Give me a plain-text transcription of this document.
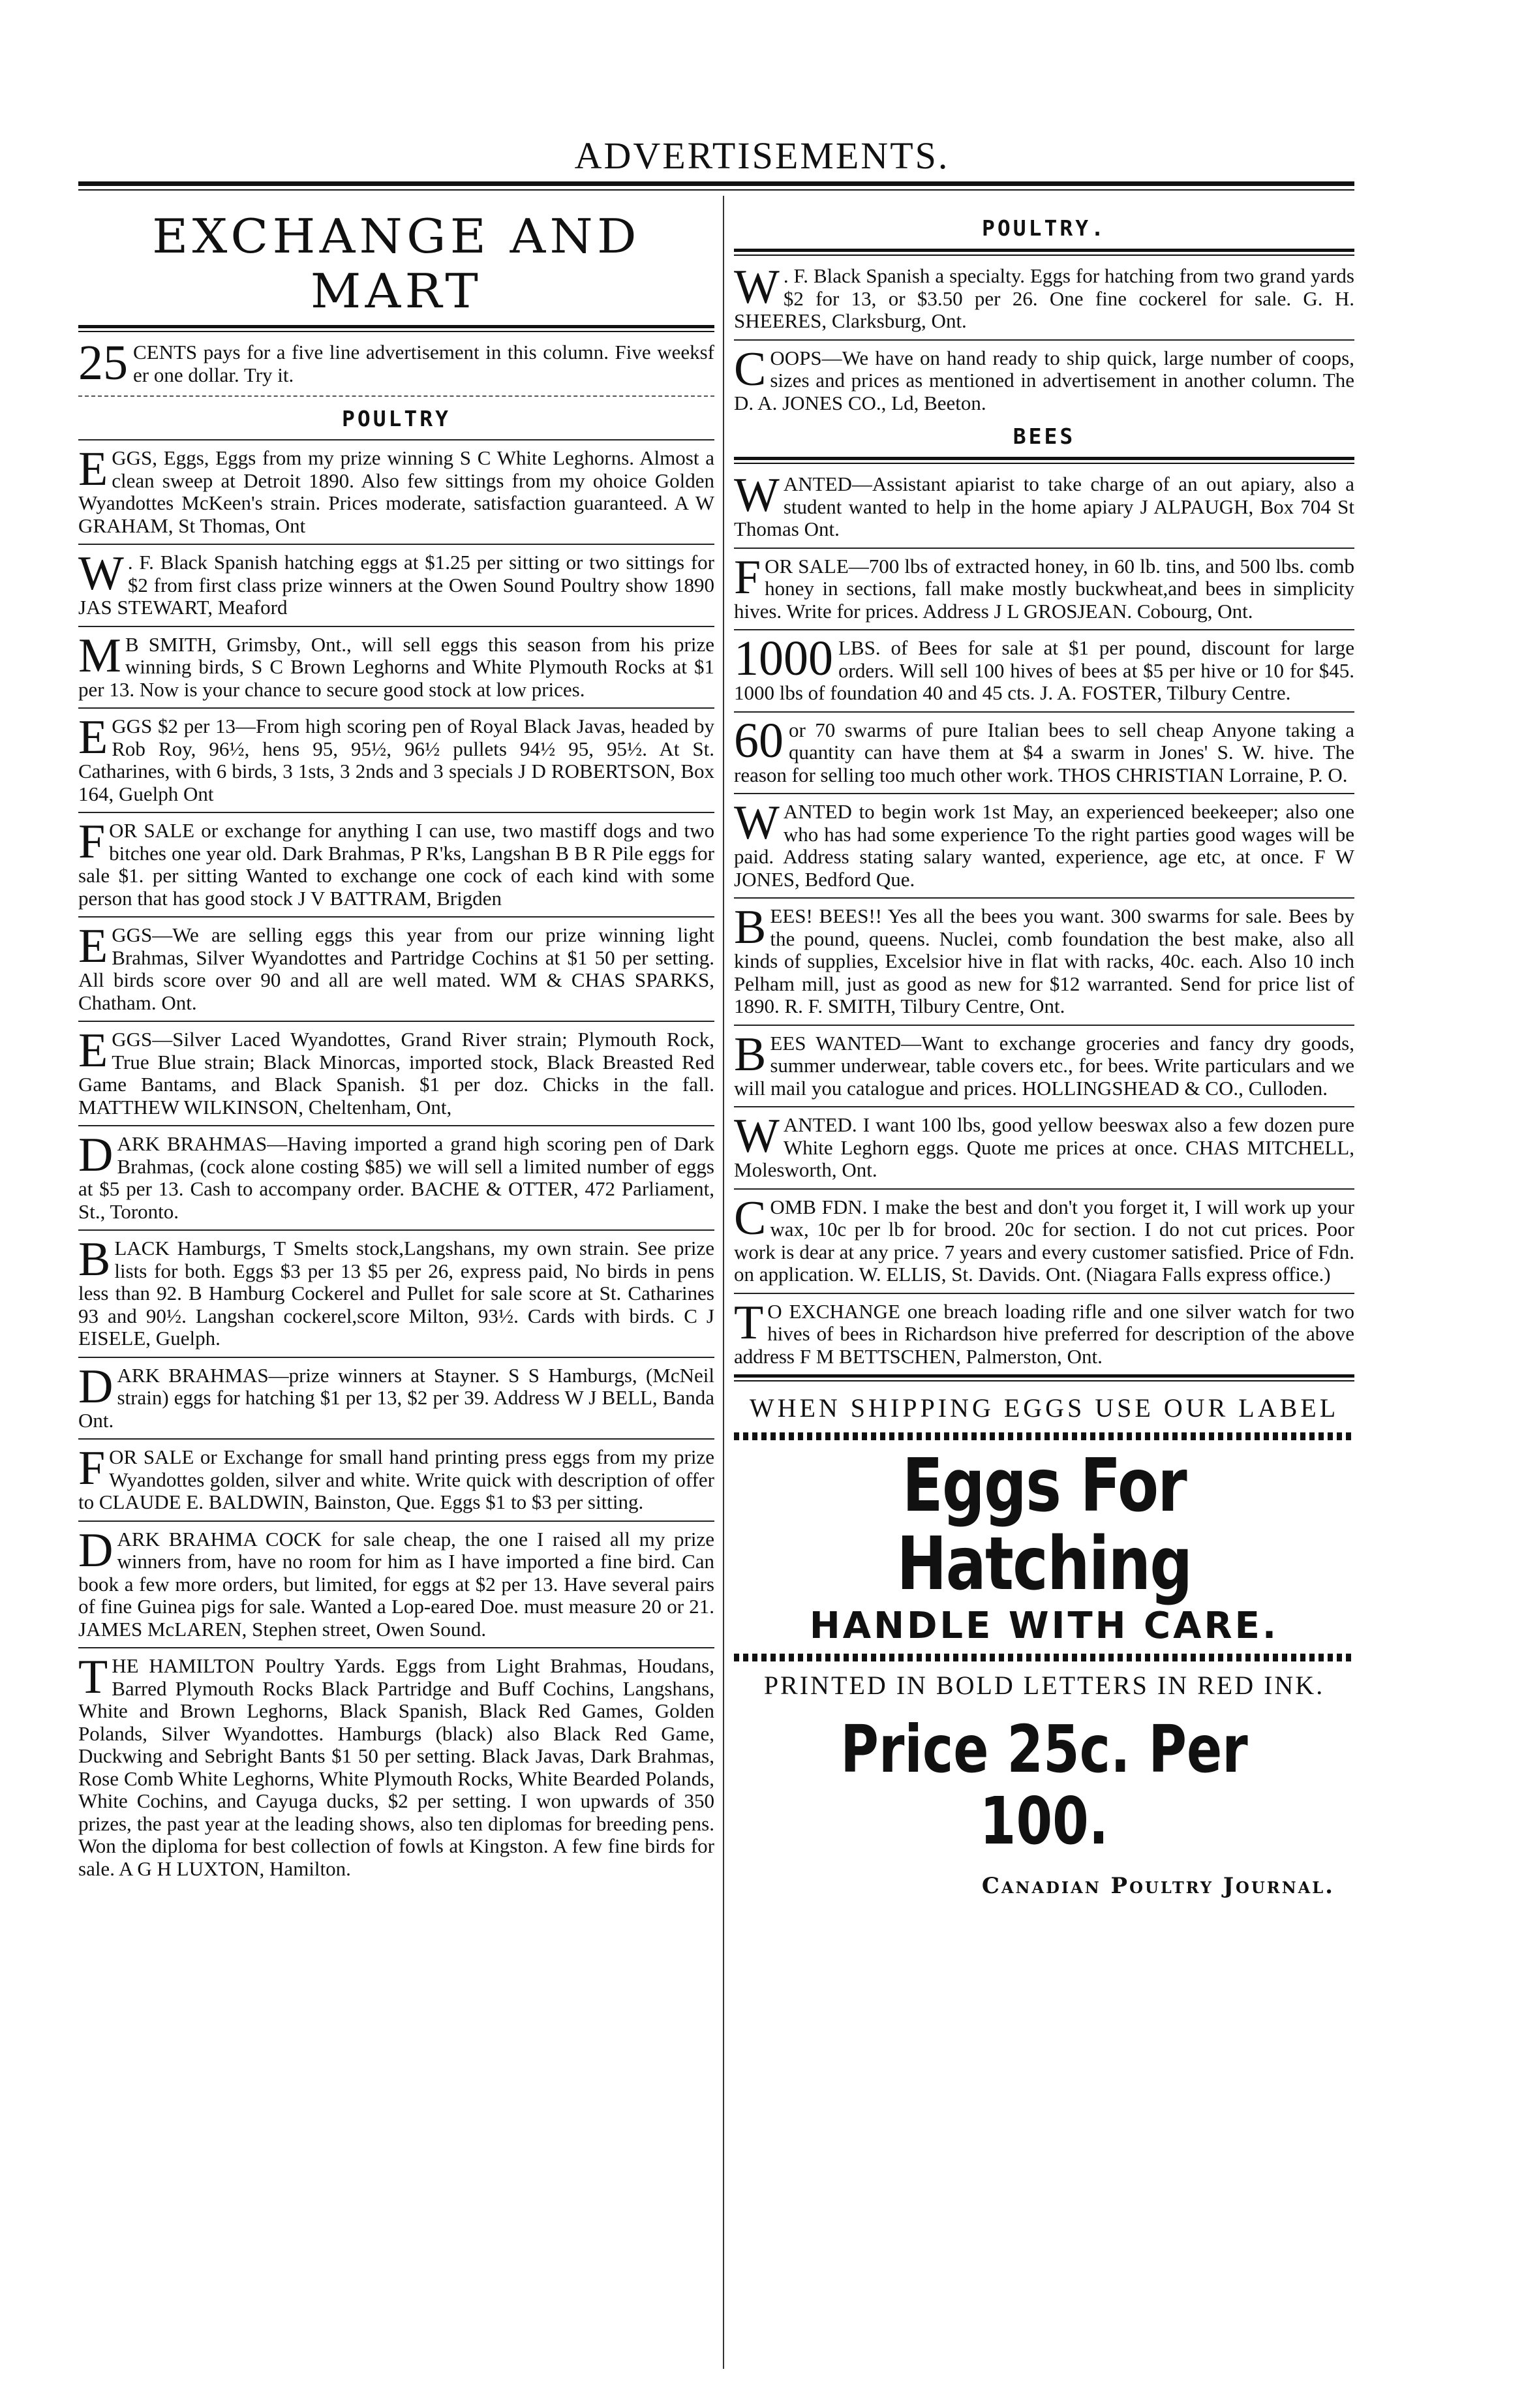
ADVERTISEMENTS.
EXCHANGE AND MART
25 CENTS pays for a five line advertisement in this column. Five weeksf er one dollar. Try it.
POULTRY
EGGS, Eggs, Eggs from my prize winning S C White Leghorns. Almost a clean sweep at Detroit 1890. Also few sittings from my ohoice Golden Wyandottes McKeen's strain. Prices moderate, satisfaction guaranteed. A W GRAHAM, St Thomas, Ont
W . F. Black Spanish hatching eggs at $1.25 per sitting or two sittings for $2 from first class prize winners at the Owen Sound Poultry show 1890 JAS STEWART, Meaford
M B SMITH, Grimsby, Ont., will sell eggs this season from his prize winning birds, S C Brown Leghorns and White Plymouth Rocks at $1 per 13. Now is your chance to secure good stock at low prices.
EGGS $2 per 13—From high scoring pen of Royal Black Javas, headed by Rob Roy, 96½, hens 95, 95½, 96½ pullets 94½ 95, 95½. At St. Catharines, with 6 birds, 3 1sts, 3 2nds and 3 specials J D ROBERTSON, Box 164, Guelph Ont
FOR SALE or exchange for anything I can use, two mastiff dogs and two bitches one year old. Dark Brahmas, P R'ks, Langshan B B R Pile eggs for sale $1. per sitting Wanted to exchange one cock of each kind with some person that has good stock J V BATTRAM, Brigden
EGGS—We are selling eggs this year from our prize winning light Brahmas, Silver Wyandottes and Partridge Cochins at $1 50 per setting. All birds score over 90 and all are well mated. WM & CHAS SPARKS, Chatham. Ont.
EGGS—Silver Laced Wyandottes, Grand River strain; Plymouth Rock, True Blue strain; Black Minorcas, imported stock, Black Breasted Red Game Bantams, and Black Spanish. $1 per doz. Chicks in the fall. MATTHEW WILKINSON, Cheltenham, Ont,
DARK BRAHMAS—Having imported a grand high scoring pen of Dark Brahmas, (cock alone costing $85) we will sell a limited number of eggs at $5 per 13. Cash to accompany order. BACHE & OTTER, 472 Parliament, St., Toronto.
BLACK Hamburgs, T Smelts stock,Langshans, my own strain. See prize lists for both. Eggs $3 per 13 $5 per 26, express paid, No birds in pens less than 92. B Hamburg Cockerel and Pullet for sale score at St. Catharines 93 and 90½. Langshan cockerel,score Milton, 93½. Cards with birds. C J EISELE, Guelph.
DARK BRAHMAS—prize winners at Stayner. S S Hamburgs, (McNeil strain) eggs for hatching $1 per 13, $2 per 39. Address W J BELL, Banda Ont.
FOR SALE or Exchange for small hand printing press eggs from my prize Wyandottes golden, silver and white. Write quick with description of offer to CLAUDE E. BALDWIN, Bainston, Que. Eggs $1 to $3 per sitting.
DARK BRAHMA COCK for sale cheap, the one I raised all my prize winners from, have no room for him as I have imported a fine bird. Can book a few more orders, but limited, for eggs at $2 per 13. Have several pairs of fine Guinea pigs for sale. Wanted a Lop-eared Doe. must measure 20 or 21. JAMES McLAREN, Stephen street, Owen Sound.
THE HAMILTON Poultry Yards. Eggs from Light Brahmas, Houdans, Barred Plymouth Rocks Black Partridge and Buff Cochins, Langshans, White and Brown Leghorns, Black Spanish, Black Red Games, Golden Polands, Silver Wyandottes. Hamburgs (black) also Black Red Game, Duckwing and Sebright Bants $1 50 per setting. Black Javas, Dark Brahmas, Rose Comb White Leghorns, White Plymouth Rocks, White Bearded Polands, White Cochins, and Cayuga ducks, $2 per setting. I won upwards of 350 prizes, the past year at the leading shows, also ten diplomas for breeding pens. Won the diploma for best collection of fowls at Kingston. A few fine birds for sale. A G H LUXTON, Hamilton.
POULTRY.
W . F. Black Spanish a specialty. Eggs for hatching from two grand yards $2 for 13, or $3.50 per 26. One fine cockerel for sale. G. H. SHEERES, Clarksburg, Ont.
COOPS—We have on hand ready to ship quick, large number of coops, sizes and prices as mentioned in advertisement in another column. The D. A. JONES CO., Ld, Beeton.
BEES
WANTED—Assistant apiarist to take charge of an out apiary, also a student wanted to help in the home apiary J ALPAUGH, Box 704 St Thomas Ont.
FOR SALE—700 lbs of extracted honey, in 60 lb. tins, and 500 lbs. comb honey in sections, fall make mostly buckwheat,and bees in simplicity hives. Write for prices. Address J L GROSJEAN. Cobourg, Ont.
1000 LBS. of Bees for sale at $1 per pound, discount for large orders. Will sell 100 hives of bees at $5 per hive or 10 for $45. 1000 lbs of foundation 40 and 45 cts. J. A. FOSTER, Tilbury Centre.
60 or 70 swarms of pure Italian bees to sell cheap Anyone taking a quantity can have them at $4 a swarm in Jones' S. W. hive. The reason for selling too much other work. THOS CHRISTIAN Lorraine, P. O.
WANTED to begin work 1st May, an experienced beekeeper; also one who has had some experience To the right parties good wages will be paid. Address stating salary wanted, experience, age etc, at once. F W JONES, Bedford Que.
BEES! BEES!! Yes all the bees you want. 300 swarms for sale. Bees by the pound, queens. Nuclei, comb foundation the best make, also all kinds of supplies, Excelsior hive in flat with racks, 40c. each. Also 10 inch Pelham mill, just as good as new for $12 warranted. Send for price list of 1890. R. F. SMITH, Tilbury Centre, Ont.
BEES WANTED—Want to exchange groceries and fancy dry goods, summer underwear, table covers etc., for bees. Write particulars and we will mail you catalogue and prices. HOLLINGSHEAD & CO., Culloden.
WANTED. I want 100 lbs, good yellow beeswax also a few dozen pure White Leghorn eggs. Quote me prices at once. CHAS MITCHELL, Molesworth, Ont.
COMB FDN. I make the best and don't you forget it, I will work up your wax, 10c per lb for brood. 20c for section. I do not cut prices. Poor work is dear at any price. 7 years and every customer satisfied. Price of Fdn. on application. W. ELLIS, St. Davids. Ont. (Niagara Falls express office.)
T O EXCHANGE one breach loading rifle and one silver watch for two hives of bees in Richardson hive preferred for description of the above address F M BETTSCHEN, Palmerston, Ont.
WHEN SHIPPING EGGS USE OUR LABEL
Eggs For Hatching
HANDLE WITH CARE.
PRINTED IN BOLD LETTERS IN RED INK.
Price 25c. Per 100.
Canadian Poultry Journal.
